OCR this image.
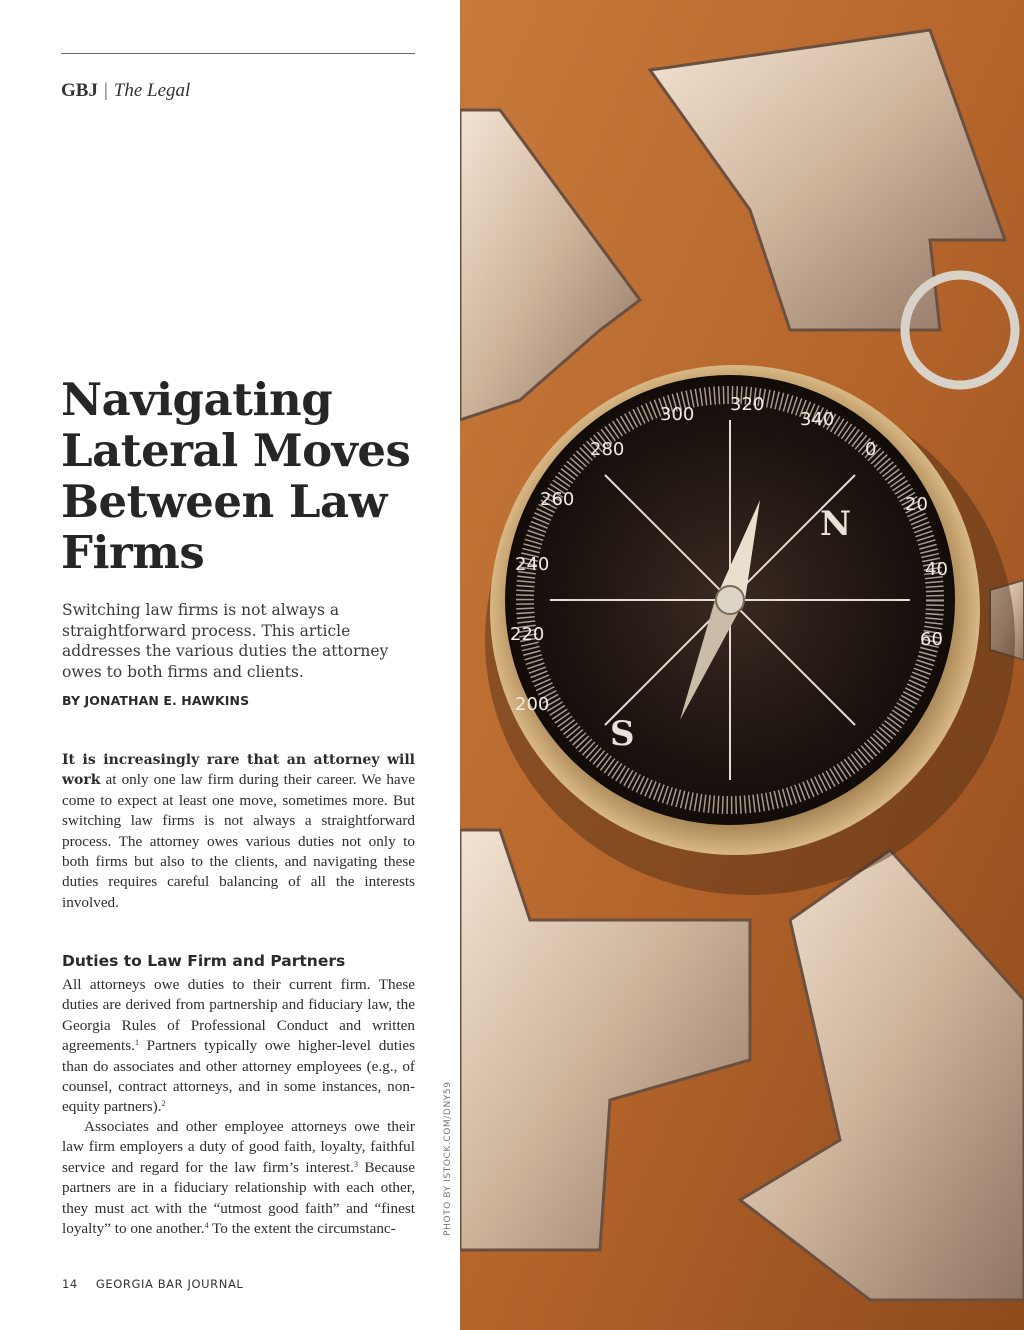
GBJ | The Legal
Navigating Lateral Moves Between Law Firms

Switching law firms is not always a straightforward process. This article addresses the various duties the attorney owes to both firms and clients.

BY JONATHAN E. HAWKINS

It is increasingly rare that an attorney will work at only one law firm during their career. We have come to expect at least one move, sometimes more. But switching law firms is not always a straightforward process. The attorney owes various duties not only to both firms but also to the clients, and navigating these duties requires careful balancing of all the interests involved.

Duties to Law Firm and Partners

All attorneys owe duties to their current firm. These duties are derived from partnership and fiduciary law, the Georgia Rules of Professional Conduct and written agreements.$^1$ Partners typically owe higher-level duties than do associates and other attorney employees (e.g., of counsel, contract attorneys, and in some instances, non-equity partners).$^2$

Associates and other employee attorneys owe their law firm employers a duty of good faith, loyalty, faithful service and regard for the law firm’s interest.$^3$ Because partners are in a fiduciary relationship with each other, they must act with the “utmost good faith” and “finest loyalty” to one another.$^4$ To the extent the circumstanc-

14 GEORGIA BAR JOURNAL
PHOTO BY ISTOCK.COM/DNY59
N
S
0
20
40
60
200
220
240
260
280
300 320
340
